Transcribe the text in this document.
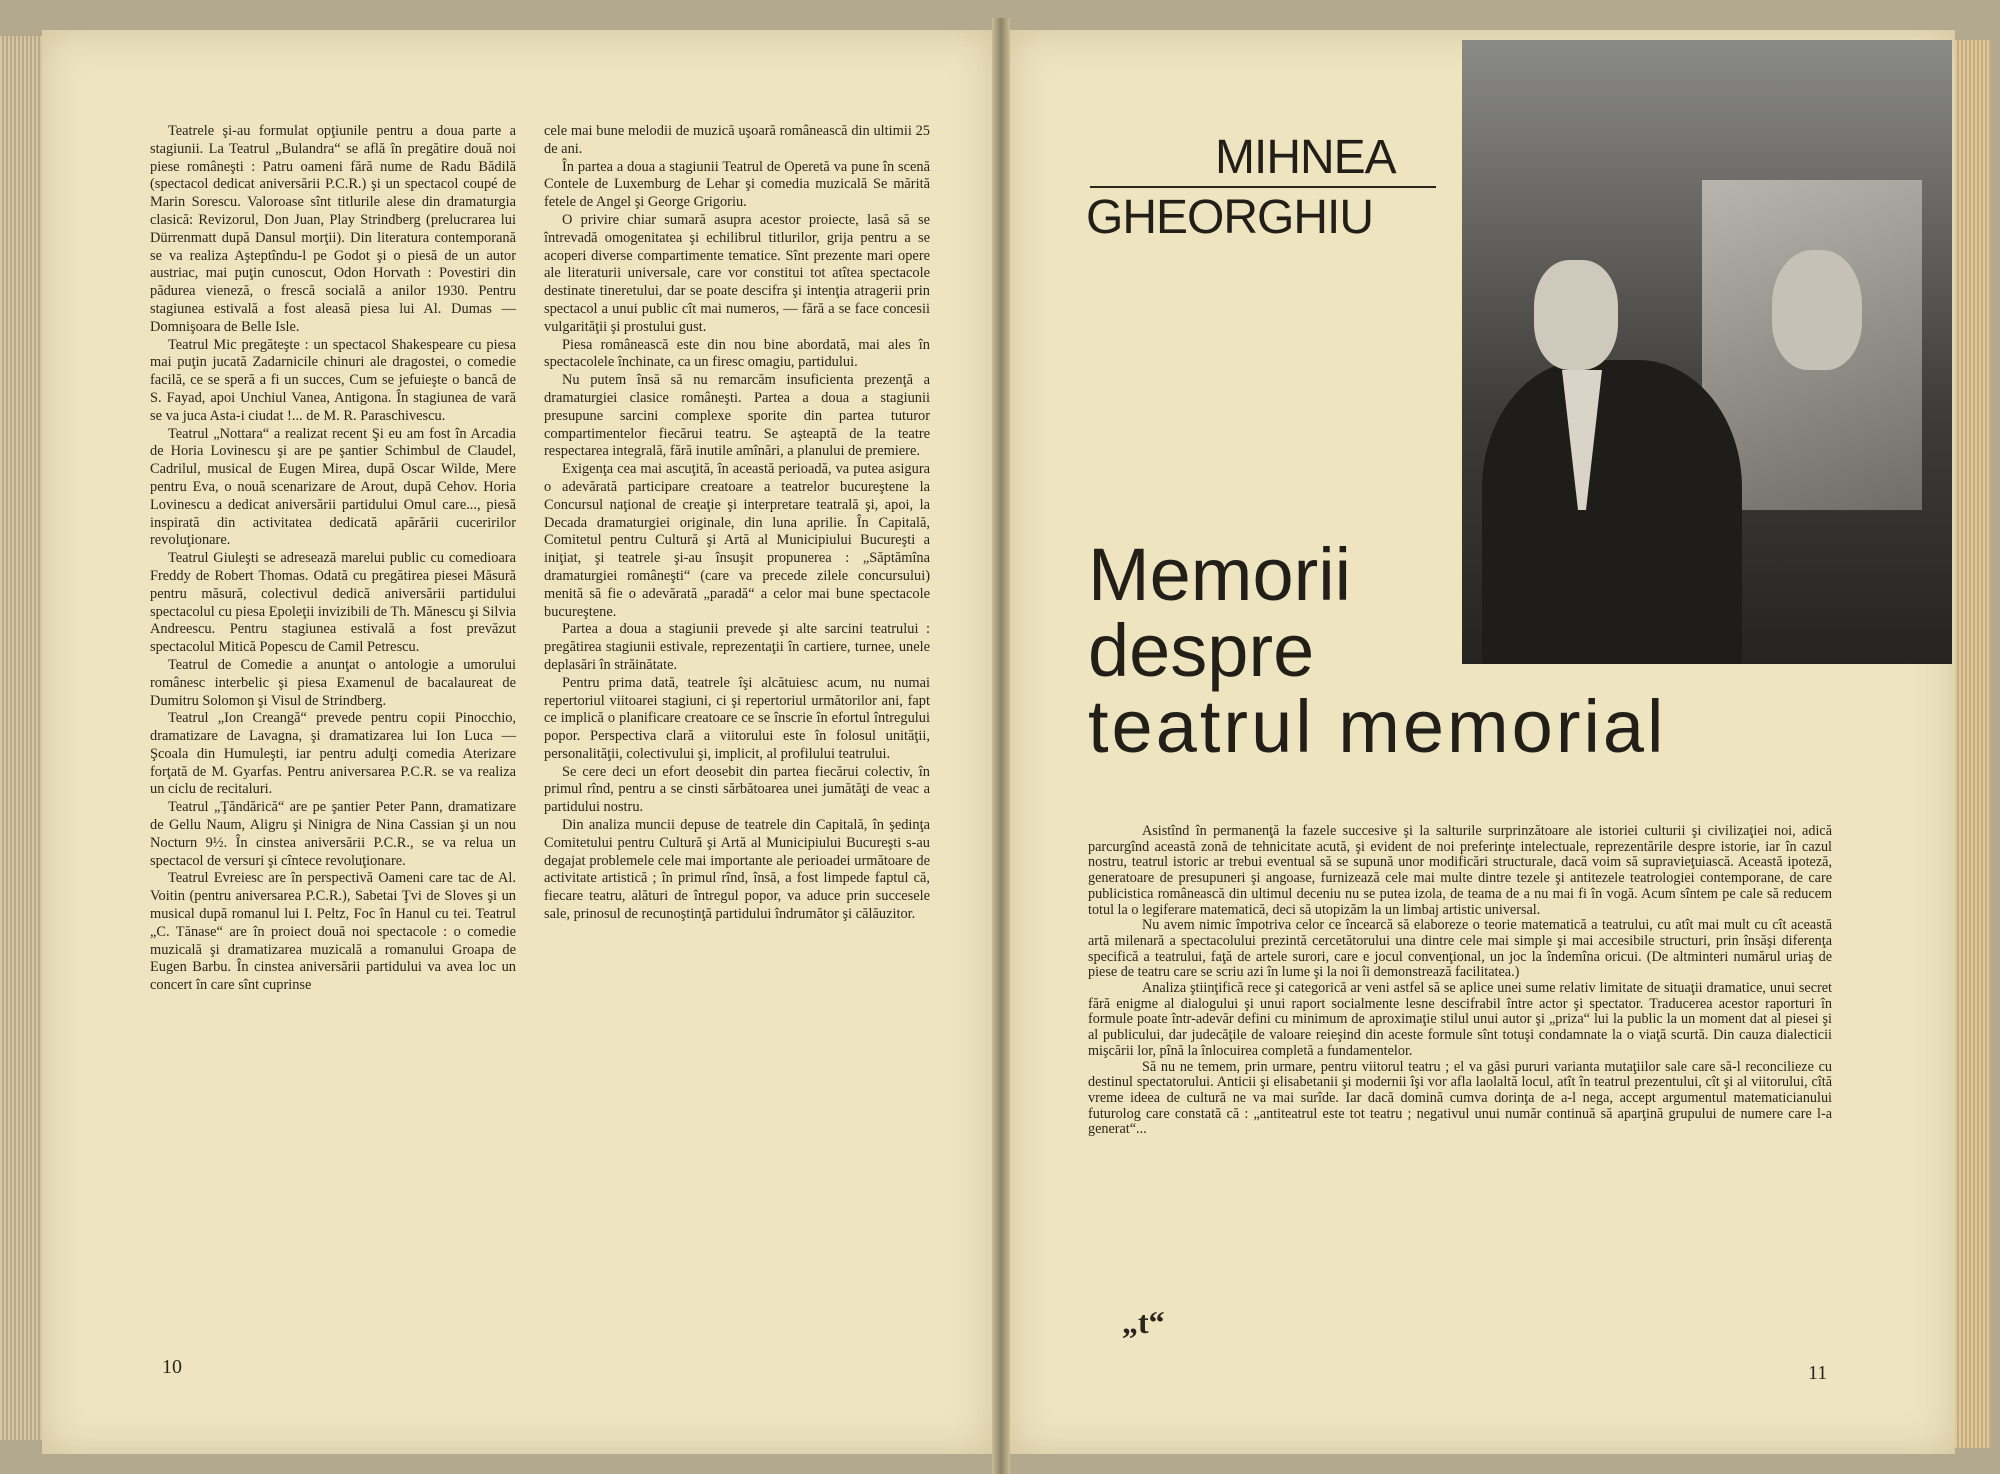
Teatrele şi-au formulat opţiunile pentru a doua parte a stagiunii. La Teatrul „Bulandra“ se află în pregătire două noi piese româneşti : Patru oameni fără nume de Radu Bădilă (spectacol dedicat aniversării P.C.R.) şi un spectacol coupé de Marin Sorescu. Valoroase sînt titlurile alese din dramaturgia clasică: Revizorul, Don Juan, Play Strindberg (prelucrarea lui Dürrenmatt după Dansul morţii). Din literatura contemporană se va realiza Aşteptîndu-l pe Godot şi o piesă de un autor austriac, mai puţin cunoscut, Odon Horvath : Povestiri din pădurea vieneză, o frescă socială a anilor 1930. Pentru stagiunea estivală a fost aleasă piesa lui Al. Dumas — Domnişoara de Belle Isle.

Teatrul Mic pregăteşte : un spectacol Shakespeare cu piesa mai puţin jucată Zadarnicile chinuri ale dragostei, o comedie facilă, ce se speră a fi un succes, Cum se jefuieşte o bancă de S. Fayad, apoi Unchiul Vanea, Antigona. În stagiunea de vară se va juca Asta-i ciudat !... de M. R. Paraschivescu.

Teatrul „Nottara“ a realizat recent Şi eu am fost în Arcadia de Horia Lovinescu şi are pe şantier Schimbul de Claudel, Cadrilul, musical de Eugen Mirea, după Oscar Wilde, Mere pentru Eva, o nouă scenarizare de Arout, după Cehov. Horia Lovinescu a dedicat aniversării partidului Omul care..., piesă inspirată din activitatea dedicată apărării cuceririlor revoluţionare.

Teatrul Giuleşti se adresează marelui public cu comedioara Freddy de Robert Thomas. Odată cu pregătirea piesei Măsură pentru măsură, colectivul dedică aniversării partidului spectacolul cu piesa Epoleţii invizibili de Th. Mănescu şi Silvia Andreescu. Pentru stagiunea estivală a fost prevăzut spectacolul Mitică Popescu de Camil Petrescu.

Teatrul de Comedie a anunţat o antologie a umorului românesc interbelic şi piesa Examenul de bacalaureat de Dumitru Solomon şi Visul de Strindberg.

Teatrul „Ion Creangă“ prevede pentru copii Pinocchio, dramatizare de Lavagna, şi dramatizarea lui Ion Luca — Şcoala din Humuleşti, iar pentru adulţi comedia Aterizare forţată de M. Gyarfas. Pentru aniversarea P.C.R. se va realiza un ciclu de recitaluri.

Teatrul „Ţăndărică“ are pe şantier Peter Pann, dramatizare de Gellu Naum, Aligru şi Ninigra de Nina Cassian şi un nou Nocturn 9½. În cinstea aniversării P.C.R., se va relua un spectacol de versuri şi cîntece revoluţionare.

Teatrul Evreiesc are în perspectivă Oameni care tac de Al. Voitin (pentru aniversarea P.C.R.), Sabetai Ţvi de Sloves şi un musical după romanul lui I. Peltz, Foc în Hanul cu tei. Teatrul „C. Tănase“ are în proiect două noi spectacole : o comedie muzicală şi dramatizarea muzicală a romanului Groapa de Eugen Barbu. În cinstea aniversării partidului va avea loc un concert în care sînt cuprinse

cele mai bune melodii de muzică uşoară românească din ultimii 25 de ani.

În partea a doua a stagiunii Teatrul de Operetă va pune în scenă Contele de Luxemburg de Lehar şi comedia muzicală Se mărită fetele de Angel şi George Grigoriu.

O privire chiar sumară asupra acestor proiecte, lasă să se întrevadă omogenitatea şi echilibrul titlurilor, grija pentru a se acoperi diverse compartimente tematice. Sînt prezente mari opere ale literaturii universale, care vor constitui tot atîtea spectacole destinate tineretului, dar se poate descifra şi intenţia atragerii prin spectacol a unui public cît mai numeros, — fără a se face concesii vulgarităţii şi prostului gust.

Piesa românească este din nou bine abordată, mai ales în spectacolele închinate, ca un firesc omagiu, partidului.

Nu putem însă să nu remarcăm insuficienta prezenţă a dramaturgiei clasice româneşti. Partea a doua a stagiunii presupune sarcini complexe sporite din partea tuturor compartimentelor fiecărui teatru. Se aşteaptă de la teatre respectarea integrală, fără inutile amînări, a planului de premiere.

Exigenţa cea mai ascuţită, în această perioadă, va putea asigura o adevărată participare creatoare a teatrelor bucureştene la Concursul naţional de creaţie şi interpretare teatrală şi, apoi, la Decada dramaturgiei originale, din luna aprilie. În Capitală, Comitetul pentru Cultură şi Artă al Municipiului Bucureşti a iniţiat, şi teatrele şi-au însuşit propunerea : „Săptămîna dramaturgiei româneşti“ (care va precede zilele concursului) menită să fie o adevărată „paradă“ a celor mai bune spectacole bucureştene.

Partea a doua a stagiunii prevede şi alte sarcini teatrului : pregătirea stagiunii estivale, reprezentaţii în cartiere, turnee, unele deplasări în străinătate.

Pentru prima dată, teatrele îşi alcătuiesc acum, nu numai repertoriul viitoarei stagiuni, ci şi repertoriul următorilor ani, fapt ce implică o planificare creatoare ce se înscrie în efortul întregului popor. Perspectiva clară a viitorului este în folosul unităţii, personalităţii, colectivului şi, implicit, al profilului teatrului.

Se cere deci un efort deosebit din partea fiecărui colectiv, în primul rînd, pentru a se cinsti sărbătoarea unei jumătăţi de veac a partidului nostru.

Din analiza muncii depuse de teatrele din Capitală, în şedinţa Comitetului pentru Cultură şi Artă al Municipiului Bucureşti s-au degajat problemele cele mai importante ale perioadei următoare de activitate artistică ; în primul rînd, însă, a fost limpede faptul că, fiecare teatru, alături de întregul popor, va aduce prin succesele sale, prinosul de recunoştinţă partidului îndrumător şi călăuzitor.

„t“
10
MIHNEA
GHEORGHIU
Memorii
despre
teatrul memorial

Asistînd în permanenţă la fazele succesive şi la salturile surprinzătoare ale istoriei culturii şi civilizaţiei noi, adică parcurgînd această zonă de tehnicitate acută, şi evident de noi preferinţe intelectuale, reprezentările despre istorie, iar în cazul nostru, teatrul istoric ar trebui eventual să se supună unor modificări structurale, dacă voim să supravieţuiască. Această ipoteză, generatoare de presupuneri şi angoase, furnizează cele mai multe dintre tezele şi antitezele teatrologiei contemporane, de care publicistica românească din ultimul deceniu nu se putea izola, de teama de a nu mai fi în vogă. Acum sîntem pe cale să reducem totul la o legiferare matematică, deci să utopizăm la un limbaj artistic universal.

Nu avem nimic împotriva celor ce încearcă să elaboreze o teorie matematică a teatrului, cu atît mai mult cu cît această artă milenară a spectacolului prezintă cercetătorului una dintre cele mai simple şi mai accesibile structuri, prin însăşi diferenţa specifică a teatrului, faţă de artele surori, care e jocul convenţional, un joc la îndemîna oricui. (De altminteri numărul uriaş de piese de teatru care se scriu azi în lume şi la noi îi demonstrează facilitatea.)

Analiza ştiinţifică rece şi categorică ar veni astfel să se aplice unei sume relativ limitate de situaţii dramatice, unui secret fără enigme al dialogului şi unui raport socialmente lesne descifrabil între actor şi spectator. Traducerea acestor raporturi în formule poate într-adevăr defini cu minimum de aproximaţie stilul unui autor şi „priza“ lui la public la un moment dat al piesei şi al publicului, dar judecăţile de valoare reieşind din aceste formule sînt totuşi condamnate la o viaţă scurtă. Din cauza dialecticii mişcării lor, pînă la înlocuirea completă a fundamentelor.

Să nu ne temem, prin urmare, pentru viitorul teatru ; el va găsi pururi varianta mutaţiilor sale care să-l reconcilieze cu destinul spectatorului. Anticii şi elisabetanii şi modernii îşi vor afla laolaltă locul, atît în teatrul prezentului, cît şi al viitorului, cîtă vreme ideea de cultură ne va mai surîde. Iar dacă domină cumva dorinţa de a-l nega, accept argumentul matematicianului futurolog care constată că : „antiteatrul este tot teatru ; negativul unui număr continuă să aparţină grupului de numere care l-a generat“...

11
